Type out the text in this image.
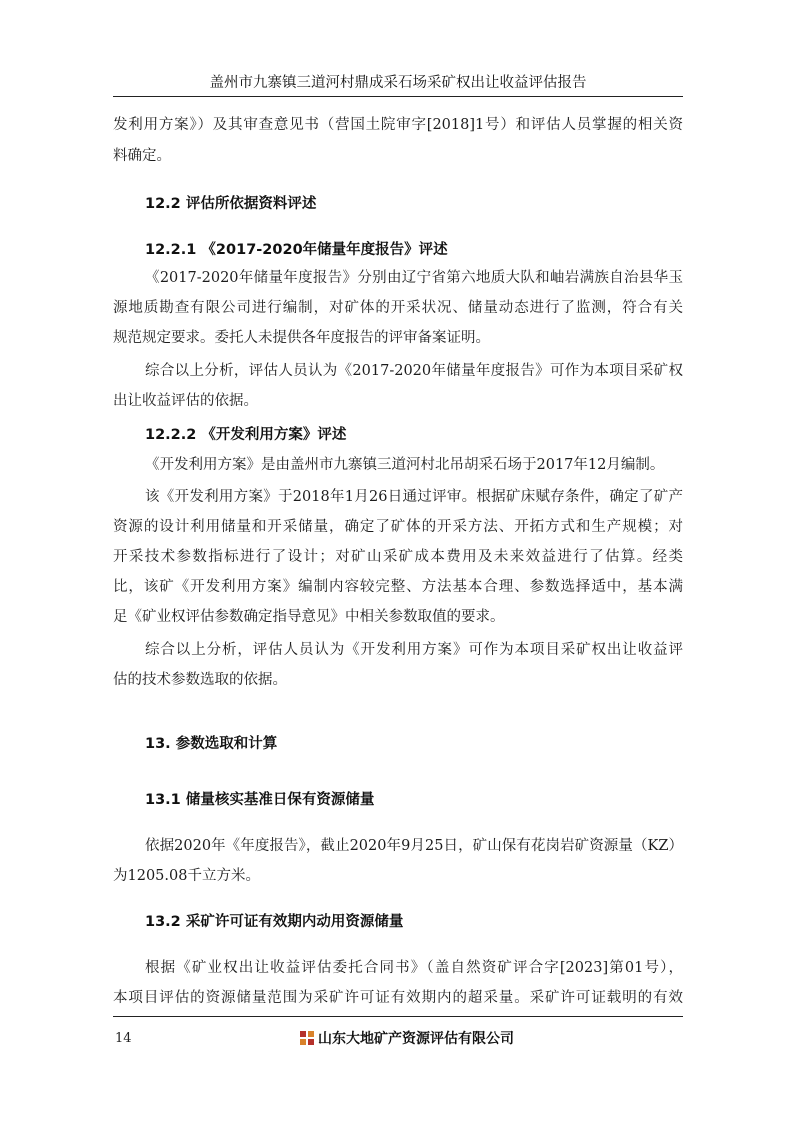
盖州市九寨镇三道河村鼎成采石场采矿权出让收益评估报告
发利用方案》）及其审查意见书（营国土院审字[2018]1号）和评估人员掌握的相关资
料确定。
12.2 评估所依据资料评述
12.2.1 《2017-2020年储量年度报告》评述
《2017-2020年储量年度报告》分别由辽宁省第六地质大队和岫岩满族自治县华玉
源地质勘查有限公司进行编制，对矿体的开采状况、储量动态进行了监测，符合有关
规范规定要求。委托人未提供各年度报告的评审备案证明。
综合以上分析，评估人员认为《2017-2020年储量年度报告》可作为本项目采矿权
出让收益评估的依据。
12.2.2 《开发利用方案》评述
《开发利用方案》是由盖州市九寨镇三道河村北吊胡采石场于2017年12月编制。
该《开发利用方案》于2018年1月26日通过评审。根据矿床赋存条件，确定了矿产
资源的设计利用储量和开采储量，确定了矿体的开采方法、开拓方式和生产规模；对
开采技术参数指标进行了设计；对矿山采矿成本费用及未来效益进行了估算。经类
比，该矿《开发利用方案》编制内容较完整、方法基本合理、参数选择适中，基本满
足《矿业权评估参数确定指导意见》中相关参数取值的要求。
综合以上分析，评估人员认为《开发利用方案》可作为本项目采矿权出让收益评
估的技术参数选取的依据。
13. 参数选取和计算
13.1 储量核实基准日保有资源储量
依据2020年《年度报告》，截止2020年9月25日，矿山保有花岗岩矿资源量（KZ）
为1205.08千立方米。
13.2 采矿许可证有效期内动用资源储量
根据《矿业权出让收益评估委托合同书》（盖自然资矿评合字[2023]第01号），
本项目评估的资源储量范围为采矿许可证有效期内的超采量。采矿许可证载明的有效
14	山东大地矿产资源评估有限公司
